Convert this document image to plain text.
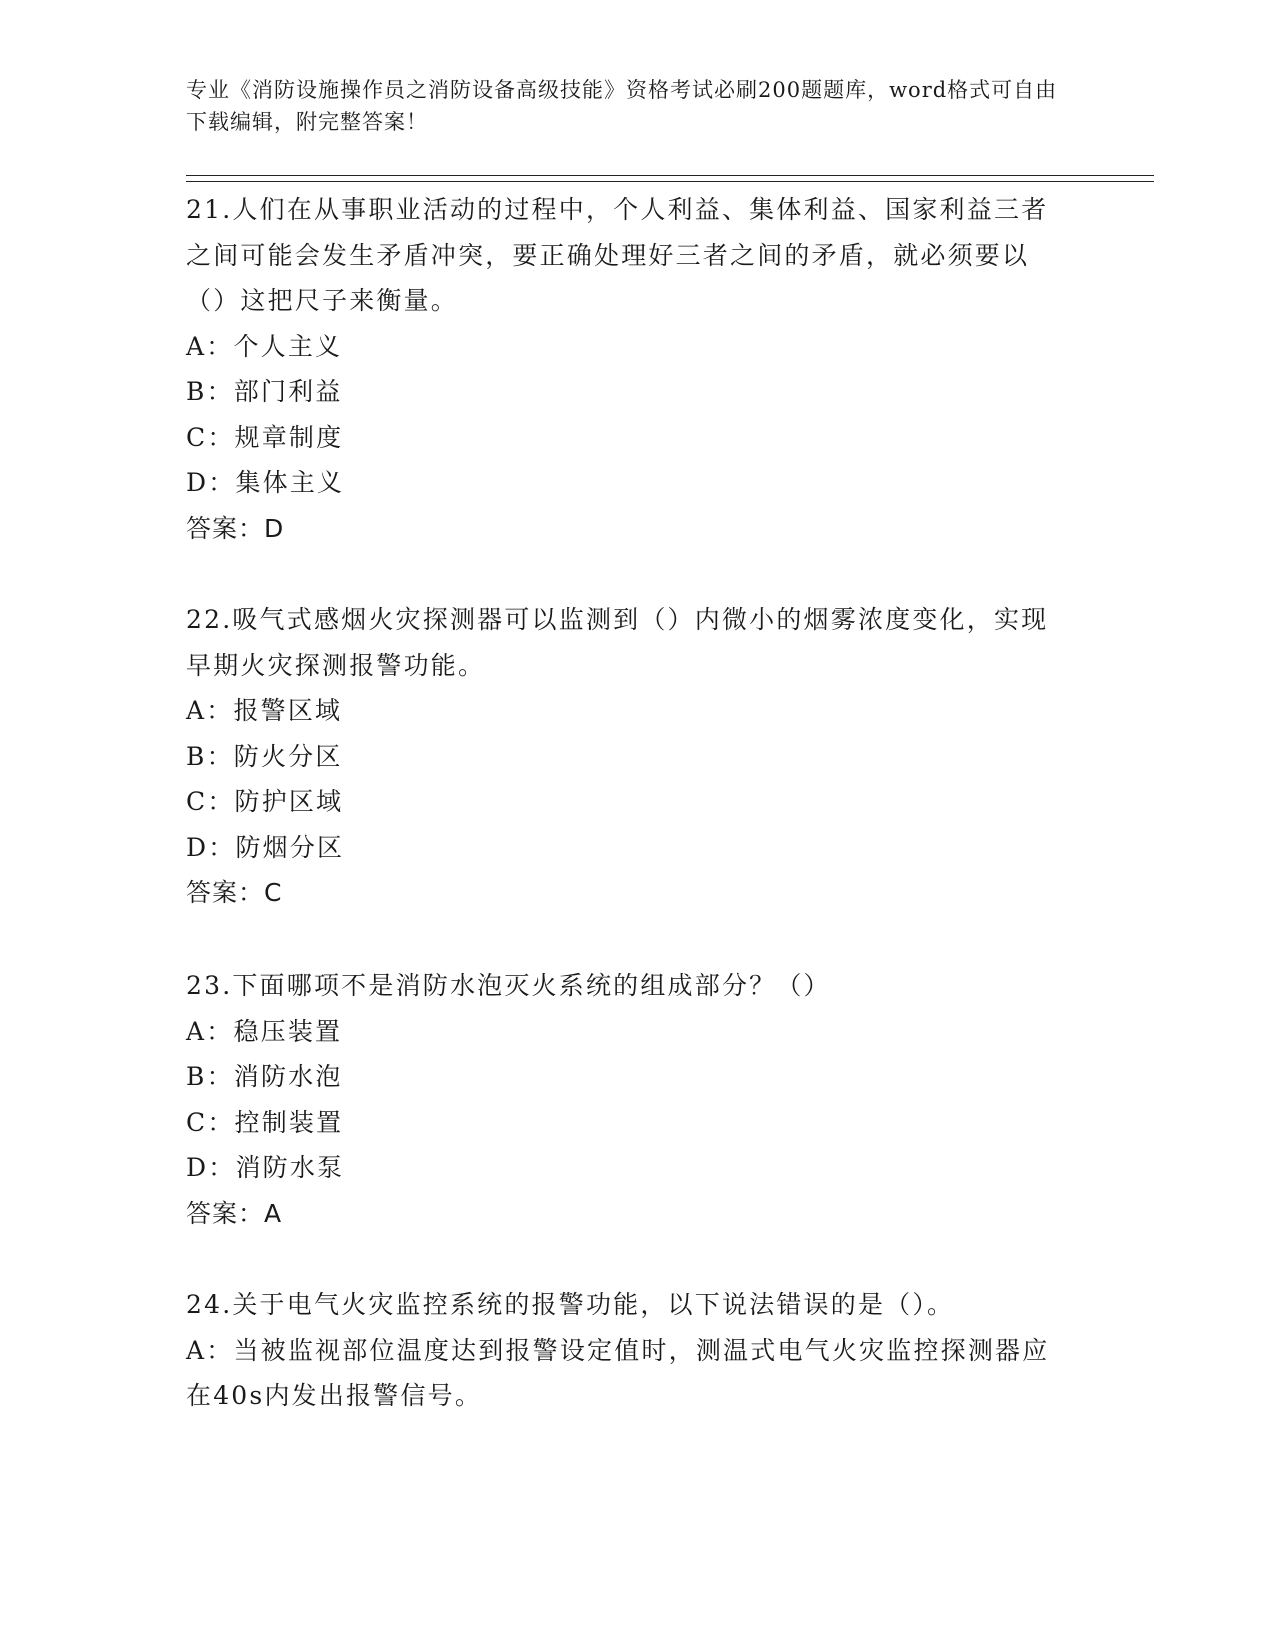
专业《消防设施操作员之消防设备高级技能》资格考试必刷200题题库，word格式可自由下载编辑，附完整答案！
21.人们在从事职业活动的过程中，个人利益、集体利益、国家利益三者之间可能会发生矛盾冲突，要正确处理好三者之间的矛盾，就必须要以（）这把尺子来衡量。
A：个人主义
B：部门利益
C：规章制度
D：集体主义
答案：D
22.吸气式感烟火灾探测器可以监测到（）内微小的烟雾浓度变化，实现早期火灾探测报警功能。
A：报警区域
B：防火分区
C：防护区域
D：防烟分区
答案：C
23.下面哪项不是消防水泡灭火系统的组成部分？（）
A：稳压装置
B：消防水泡
C：控制装置
D：消防水泵
答案：A
24.关于电气火灾监控系统的报警功能，以下说法错误的是（）。
A：当被监视部位温度达到报警设定值时，测温式电气火灾监控探测器应在40s内发出报警信号。
